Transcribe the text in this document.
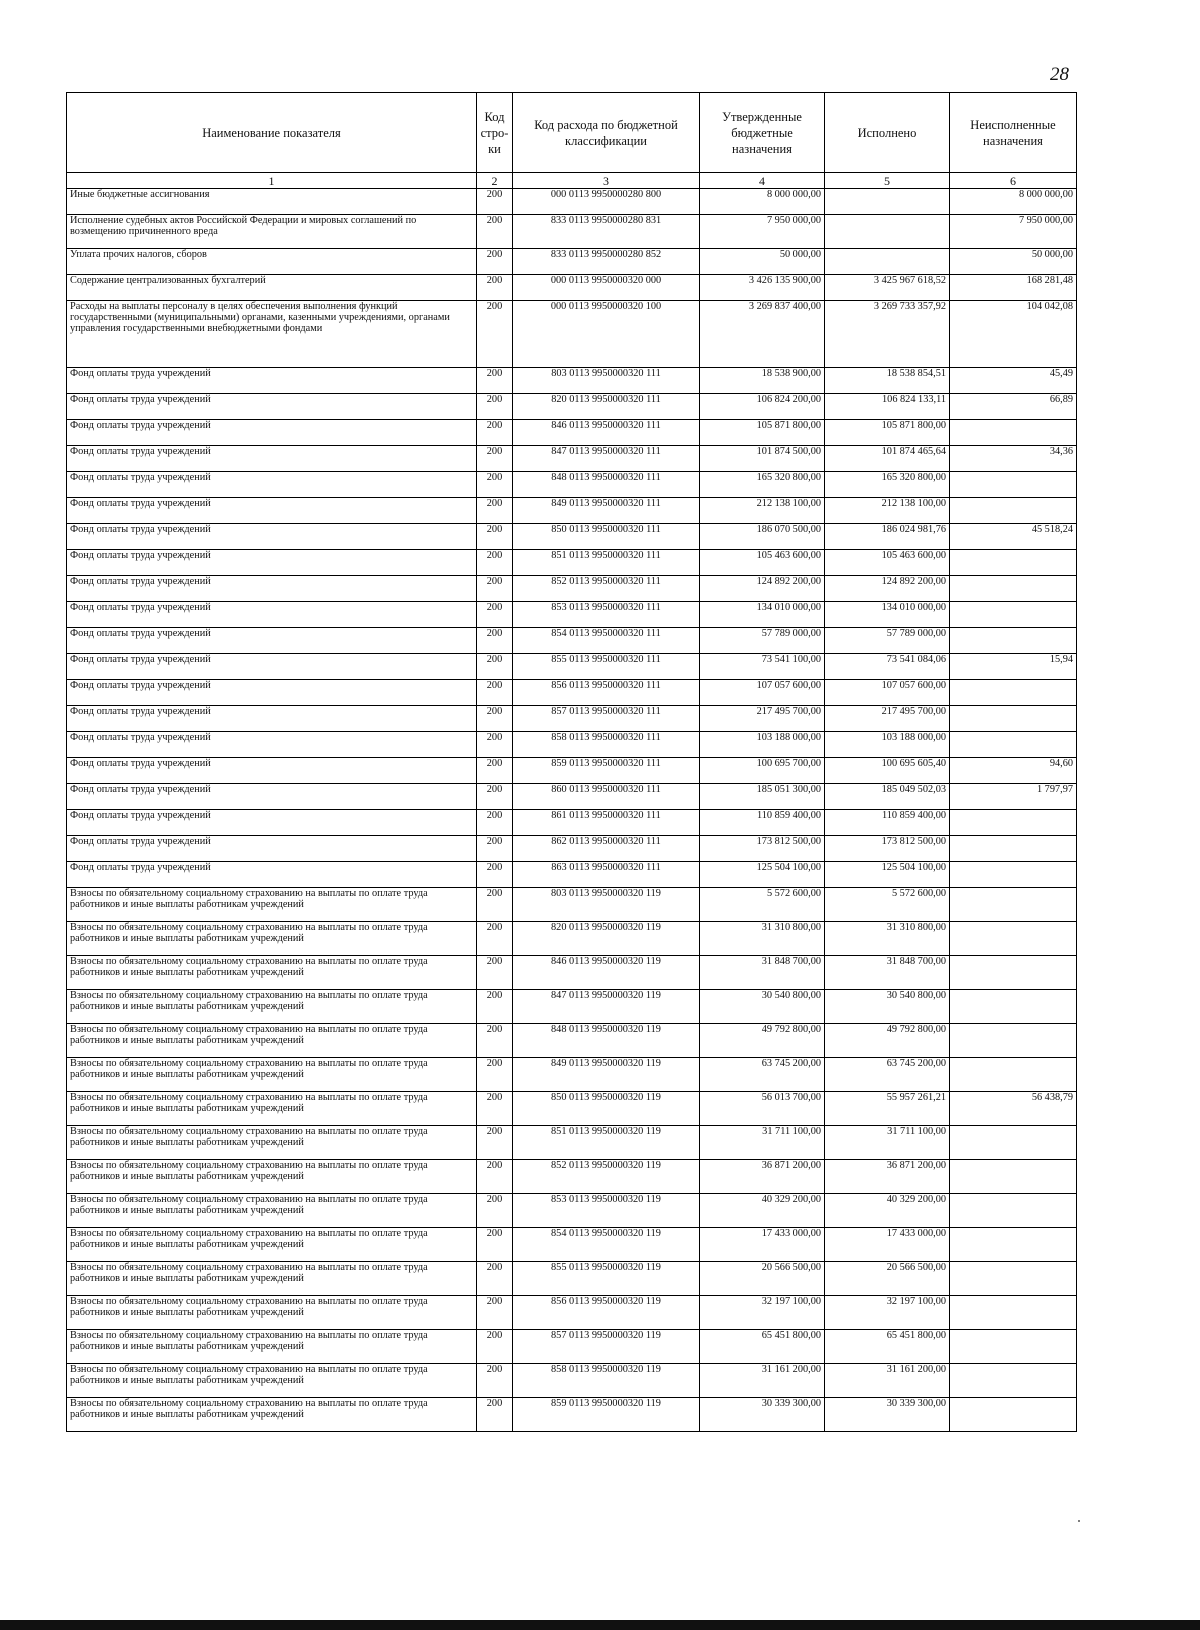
28
Наименование показателя	Код стро- ки	Код расхода по бюджетной классификации	Утвержденные бюджетные назначения	Исполнено	Неисполненные назначения
1	2	3	4	5	6
Иные бюджетные ассигнования	200	000 0113 9950000280 800	8 000 000,00		8 000 000,00
Исполнение судебных актов Российской Федерации и мировых соглашений по возмещению причиненного вреда	200	833 0113 9950000280 831	7 950 000,00		7 950 000,00
Уплата прочих налогов, сборов	200	833 0113 9950000280 852	50 000,00		50 000,00
Содержание централизованных бухгалтерий	200	000 0113 9950000320 000	3 426 135 900,00	3 425 967 618,52	168 281,48
Расходы на выплаты персоналу в целях обеспечения выполнения функций государственными (муниципальными) органами, казенными учреждениями, органами управления государственными внебюджетными фондами	200	000 0113 9950000320 100	3 269 837 400,00	3 269 733 357,92	104 042,08
Фонд оплаты труда учреждений	200	803 0113 9950000320 111	18 538 900,00	18 538 854,51	45,49
Фонд оплаты труда учреждений	200	820 0113 9950000320 111	106 824 200,00	106 824 133,11	66,89
Фонд оплаты труда учреждений	200	846 0113 9950000320 111	105 871 800,00	105 871 800,00	
Фонд оплаты труда учреждений	200	847 0113 9950000320 111	101 874 500,00	101 874 465,64	34,36
Фонд оплаты труда учреждений	200	848 0113 9950000320 111	165 320 800,00	165 320 800,00	
Фонд оплаты труда учреждений	200	849 0113 9950000320 111	212 138 100,00	212 138 100,00	
Фонд оплаты труда учреждений	200	850 0113 9950000320 111	186 070 500,00	186 024 981,76	45 518,24
Фонд оплаты труда учреждений	200	851 0113 9950000320 111	105 463 600,00	105 463 600,00	
Фонд оплаты труда учреждений	200	852 0113 9950000320 111	124 892 200,00	124 892 200,00	
Фонд оплаты труда учреждений	200	853 0113 9950000320 111	134 010 000,00	134 010 000,00	
Фонд оплаты труда учреждений	200	854 0113 9950000320 111	57 789 000,00	57 789 000,00	
Фонд оплаты труда учреждений	200	855 0113 9950000320 111	73 541 100,00	73 541 084,06	15,94
Фонд оплаты труда учреждений	200	856 0113 9950000320 111	107 057 600,00	107 057 600,00	
Фонд оплаты труда учреждений	200	857 0113 9950000320 111	217 495 700,00	217 495 700,00	
Фонд оплаты труда учреждений	200	858 0113 9950000320 111	103 188 000,00	103 188 000,00	
Фонд оплаты труда учреждений	200	859 0113 9950000320 111	100 695 700,00	100 695 605,40	94,60
Фонд оплаты труда учреждений	200	860 0113 9950000320 111	185 051 300,00	185 049 502,03	1 797,97
Фонд оплаты труда учреждений	200	861 0113 9950000320 111	110 859 400,00	110 859 400,00	
Фонд оплаты труда учреждений	200	862 0113 9950000320 111	173 812 500,00	173 812 500,00	
Фонд оплаты труда учреждений	200	863 0113 9950000320 111	125 504 100,00	125 504 100,00	
Взносы по обязательному социальному страхованию на выплаты по оплате труда работников и иные выплаты работникам учреждений	200	803 0113 9950000320 119	5 572 600,00	5 572 600,00	
Взносы по обязательному социальному страхованию на выплаты по оплате труда работников и иные выплаты работникам учреждений	200	820 0113 9950000320 119	31 310 800,00	31 310 800,00	
Взносы по обязательному социальному страхованию на выплаты по оплате труда работников и иные выплаты работникам учреждений	200	846 0113 9950000320 119	31 848 700,00	31 848 700,00	
Взносы по обязательному социальному страхованию на выплаты по оплате труда работников и иные выплаты работникам учреждений	200	847 0113 9950000320 119	30 540 800,00	30 540 800,00	
Взносы по обязательному социальному страхованию на выплаты по оплате труда работников и иные выплаты работникам учреждений	200	848 0113 9950000320 119	49 792 800,00	49 792 800,00	
Взносы по обязательному социальному страхованию на выплаты по оплате труда работников и иные выплаты работникам учреждений	200	849 0113 9950000320 119	63 745 200,00	63 745 200,00	
Взносы по обязательному социальному страхованию на выплаты по оплате труда работников и иные выплаты работникам учреждений	200	850 0113 9950000320 119	56 013 700,00	55 957 261,21	56 438,79
Взносы по обязательному социальному страхованию на выплаты по оплате труда работников и иные выплаты работникам учреждений	200	851 0113 9950000320 119	31 711 100,00	31 711 100,00	
Взносы по обязательному социальному страхованию на выплаты по оплате труда работников и иные выплаты работникам учреждений	200	852 0113 9950000320 119	36 871 200,00	36 871 200,00	
Взносы по обязательному социальному страхованию на выплаты по оплате труда работников и иные выплаты работникам учреждений	200	853 0113 9950000320 119	40 329 200,00	40 329 200,00	
Взносы по обязательному социальному страхованию на выплаты по оплате труда работников и иные выплаты работникам учреждений	200	854 0113 9950000320 119	17 433 000,00	17 433 000,00	
Взносы по обязательному социальному страхованию на выплаты по оплате труда работников и иные выплаты работникам учреждений	200	855 0113 9950000320 119	20 566 500,00	20 566 500,00	
Взносы по обязательному социальному страхованию на выплаты по оплате труда работников и иные выплаты работникам учреждений	200	856 0113 9950000320 119	32 197 100,00	32 197 100,00	
Взносы по обязательному социальному страхованию на выплаты по оплате труда работников и иные выплаты работникам учреждений	200	857 0113 9950000320 119	65 451 800,00	65 451 800,00	
Взносы по обязательному социальному страхованию на выплаты по оплате труда работников и иные выплаты работникам учреждений	200	858 0113 9950000320 119	31 161 200,00	31 161 200,00	
Взносы по обязательному социальному страхованию на выплаты по оплате труда работников и иные выплаты работникам учреждений	200	859 0113 9950000320 119	30 339 300,00	30 339 300,00	
